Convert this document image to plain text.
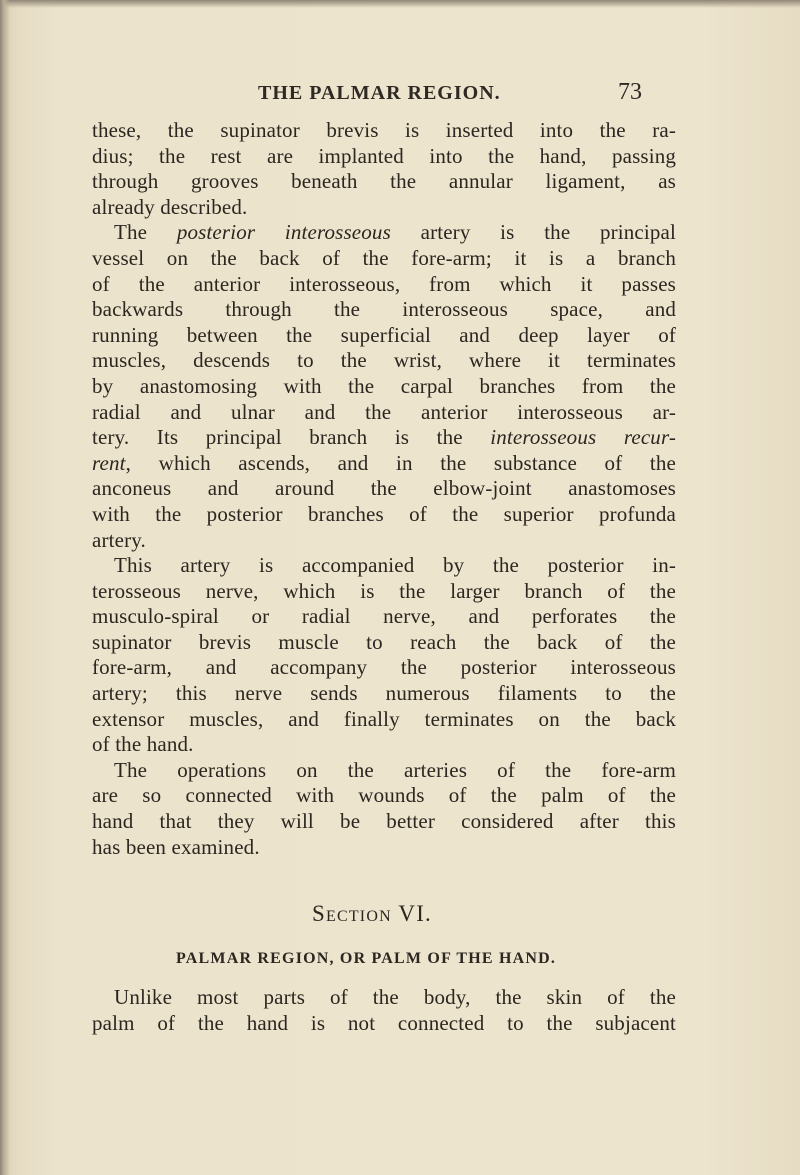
THE PALMAR REGION.	73
these, the supinator brevis is inserted into the ra-
dius; the rest are implanted into the hand, passing
through grooves beneath the annular ligament, as
already described.
The posterior interosseous artery is the principal
vessel on the back of the fore-arm; it is a branch
of the anterior interosseous, from which it passes
backwards through the interosseous space, and
running between the superficial and deep layer of
muscles, descends to the wrist, where it terminates
by anastomosing with the carpal branches from the
radial and ulnar and the anterior interosseous ar-
tery. Its principal branch is the interosseous recur-
rent, which ascends, and in the substance of the
anconeus and around the elbow-joint anastomoses
with the posterior branches of the superior profunda
artery.
This artery is accompanied by the posterior in-
terosseous nerve, which is the larger branch of the
musculo-spiral or radial nerve, and perforates the
supinator brevis muscle to reach the back of the
fore-arm, and accompany the posterior interosseous
artery; this nerve sends numerous filaments to the
extensor muscles, and finally terminates on the back
of the hand.
The operations on the arteries of the fore-arm
are so connected with wounds of the palm of the
hand that they will be better considered after this
has been examined.
Section VI.
PALMAR REGION, OR PALM OF THE HAND.
Unlike most parts of the body, the skin of the
palm of the hand is not connected to the subjacent
